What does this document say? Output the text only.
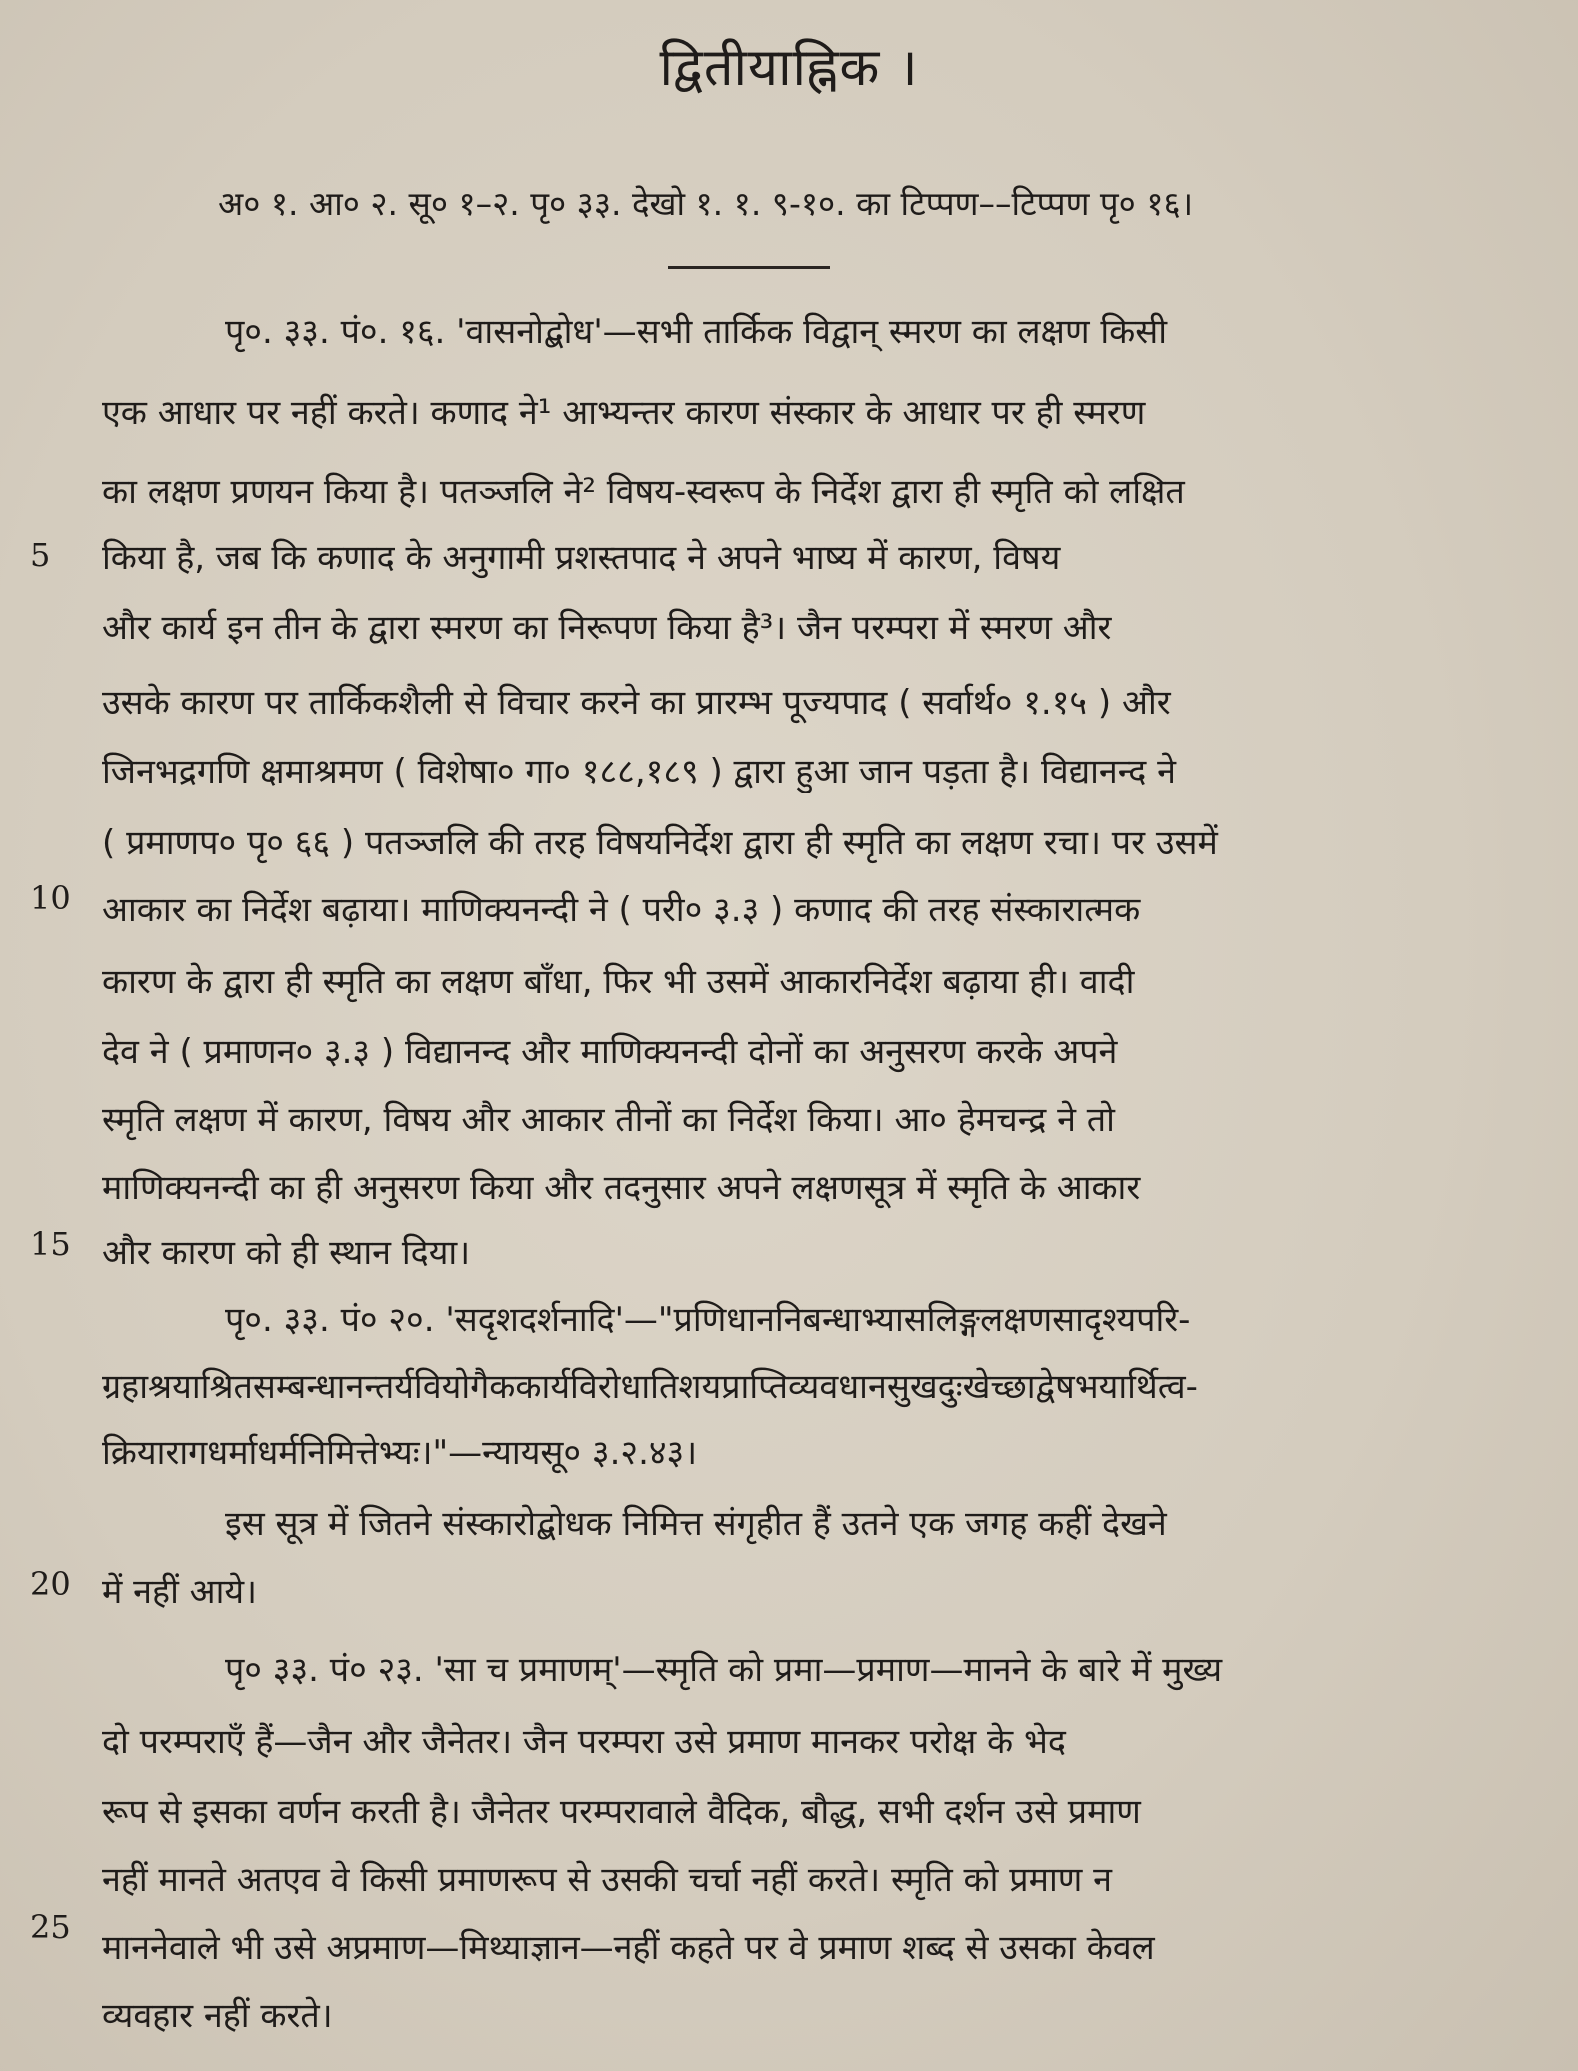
द्वितीयाह्निक ।
अ० १. आ० २. सू० १–२. पृ० ३३. देखो १. १. ९-१०. का टिप्पण––टिप्पण पृ० १६।
पृ०. ३३. पं०. १६. 'वासनोद्बोध'—सभी तार्किक विद्वान् स्मरण का लक्षण किसी
एक आधार पर नहीं करते। कणाद ने¹ आभ्यन्तर कारण संस्कार के आधार पर ही स्मरण
का लक्षण प्रणयन किया है। पतञ्जलि ने² विषय-स्वरूप के निर्देश द्वारा ही स्मृति को लक्षित
5 किया है, जब कि कणाद के अनुगामी प्रशस्तपाद ने अपने भाष्य में कारण, विषय
और कार्य इन तीन के द्वारा स्मरण का निरूपण किया है³। जैन परम्परा में स्मरण और
उसके कारण पर तार्किकशैली से विचार करने का प्रारम्भ पूज्यपाद ( सर्वार्थ० १.१५ ) और
जिनभद्रगणि क्षमाश्रमण ( विशेषा० गा० १८८,१८९ ) द्वारा हुआ जान पड़ता है। विद्यानन्द ने
( प्रमाणप० पृ० ६६ ) पतञ्जलि की तरह विषयनिर्देश द्वारा ही स्मृति का लक्षण रचा। पर उसमें
10 आकार का निर्देश बढ़ाया। माणिक्यनन्दी ने ( परी० ३.३ ) कणाद की तरह संस्कारात्मक
कारण के द्वारा ही स्मृति का लक्षण बाँधा, फिर भी उसमें आकारनिर्देश बढ़ाया ही। वादी
देव ने ( प्रमाणन० ३.३ ) विद्यानन्द और माणिक्यनन्दी दोनों का अनुसरण करके अपने
स्मृति लक्षण में कारण, विषय और आकार तीनों का निर्देश किया। आ० हेमचन्द्र ने तो
माणिक्यनन्दी का ही अनुसरण किया और तदनुसार अपने लक्षणसूत्र में स्मृति के आकार
15 और कारण को ही स्थान दिया।
पृ०. ३३. पं० २०. 'सदृशदर्शनादि'—"प्रणिधाननिबन्धाभ्यासलिङ्गलक्षणसादृश्यपरि-
ग्रहाश्रयाश्रितसम्बन्धानन्तर्यवियोगैककार्यविरोधातिशयप्राप्तिव्यवधानसुखदुःखेच्छाद्वेषभयार्थित्व-
क्रियारागधर्माधर्मनिमित्तेभ्यः।"—न्यायसू० ३.२.४३।
इस सूत्र में जितने संस्कारोद्बोधक निमित्त संगृहीत हैं उतने एक जगह कहीं देखने
20 में नहीं आये।
पृ० ३३. पं० २३. 'सा च प्रमाणम्'—स्मृति को प्रमा—प्रमाण—मानने के बारे में मुख्य
दो परम्पराएँ हैं—जैन और जैनेतर। जैन परम्परा उसे प्रमाण मानकर परोक्ष के भेद
रूप से इसका वर्णन करती है। जैनेतर परम्परावाले वैदिक, बौद्ध, सभी दर्शन उसे प्रमाण
नहीं मानते अतएव वे किसी प्रमाणरूप से उसकी चर्चा नहीं करते। स्मृति को प्रमाण न
25
माननेवाले भी उसे अप्रमाण—मिथ्याज्ञान—नहीं कहते पर वे प्रमाण शब्द से उसका केवल
व्यवहार नहीं करते।
